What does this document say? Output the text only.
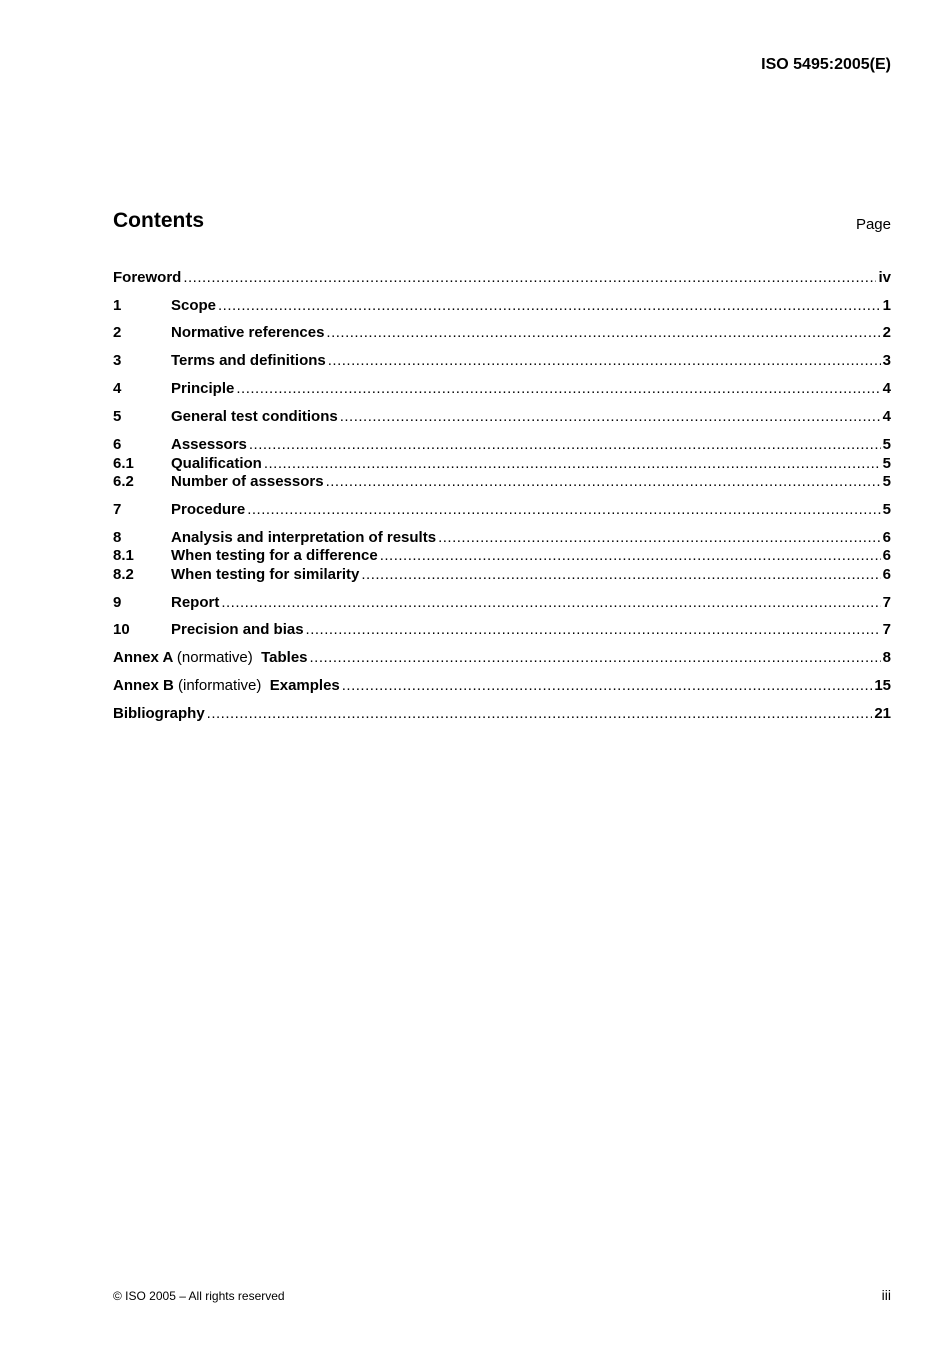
ISO 5495:2005(E)
Contents	Page
Foreword .....	iv
1	Scope .....	1
2	Normative references .....	2
3	Terms and definitions .....	3
4	Principle .....	4
5	General test conditions .....	4
6	Assessors .....	5
6.1	Qualification .....	5
6.2	Number of assessors .....	5
7	Procedure .....	5
8	Analysis and interpretation of results .....	6
8.1	When testing for a difference .....	6
8.2	When testing for similarity .....	6
9	Report .....	7
10	Precision and bias .....	7
Annex A (normative) Tables .....	8
Annex B (informative) Examples .....	15
Bibliography .....	21
© ISO 2005 – All rights reserved	iii
